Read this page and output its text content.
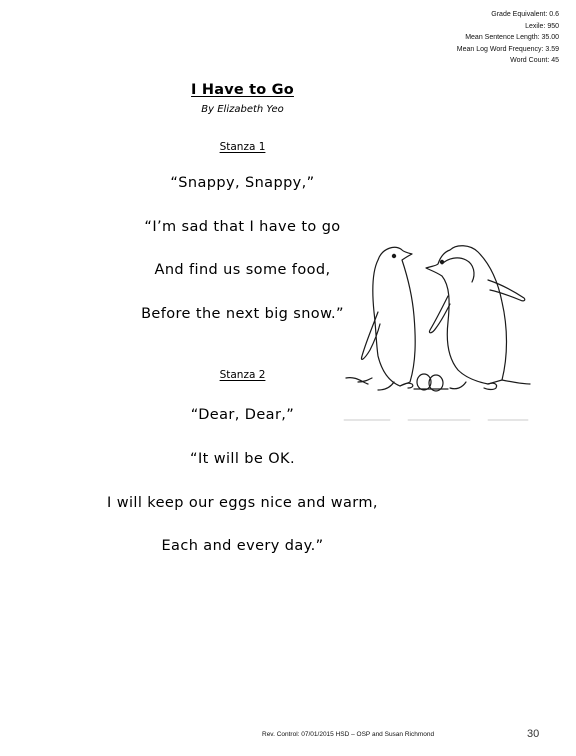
Grade Equivalent: 0.6
Lexile: 950
Mean Sentence Length: 35.00
Mean Log Word Frequency: 3.59
Word Count: 45
I Have to Go
By Elizabeth Yeo
Stanza 1
“Snappy, Snappy,”
“I’m sad that I have to go
And find us some food,
Before the next big snow.”
Stanza 2
“Dear, Dear,”
“It will be OK.
I will keep our eggs nice and warm,
Each and every day.”
Rev. Control: 07/01/2015 HSD – OSP and Susan Richmond	30
